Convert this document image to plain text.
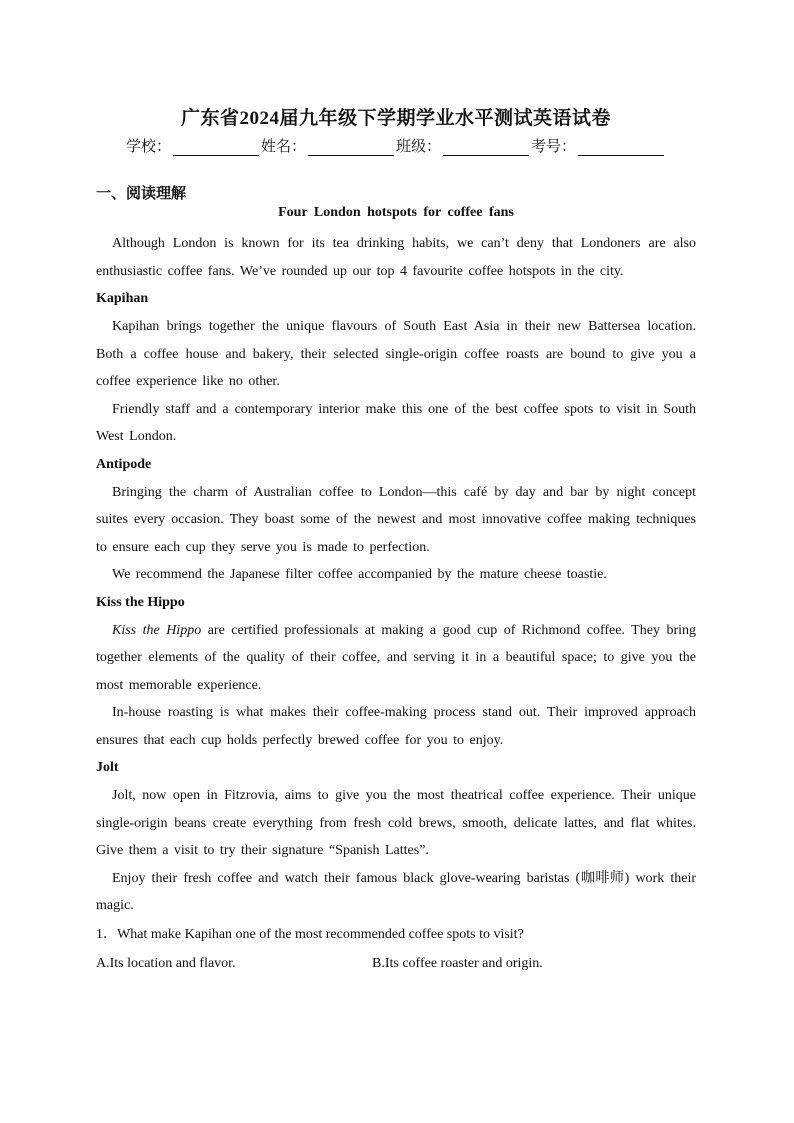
广东省2024届九年级下学期学业水平测试英语试卷
学校：	姓名：	班级：	考号：
一、阅读理解
Four London hotspots for coffee fans

Although London is known for its tea drinking habits, we can’t deny that Londoners are also enthusiastic coffee fans. We’ve rounded up our top 4 favourite coffee hotspots in the city.

Kapihan

Kapihan brings together the unique flavours of South East Asia in their new Battersea location. Both a coffee house and bakery, their selected single-origin coffee roasts are bound to give you a coffee experience like no other.

Friendly staff and a contemporary interior make this one of the best coffee spots to visit in South West London.

Antipode

Bringing the charm of Australian coffee to London—this café by day and bar by night concept suites every occasion. They boast some of the newest and most innovative coffee making techniques to ensure each cup they serve you is made to perfection.

We recommend the Japanese filter coffee accompanied by the mature cheese toastie.

Kiss the Hippo

Kiss the Hippo are certified professionals at making a good cup of Richmond coffee. They bring together elements of the quality of their coffee, and serving it in a beautiful space; to give you the most memorable experience.

In-house roasting is what makes their coffee-making process stand out. Their improved approach ensures that each cup holds perfectly brewed coffee for you to enjoy.

Jolt

Jolt, now open in Fitzrovia, aims to give you the most theatrical coffee experience. Their unique single-origin beans create everything from fresh cold brews, smooth, delicate lattes, and flat whites. Give them a visit to try their signature “Spanish Lattes”.

Enjoy their fresh coffee and watch their famous black glove-wearing baristas (咖啡师) work their magic.

1．What make Kapihan one of the most recommended coffee spots to visit?

A.Its location and flavor.	B.Its coffee roaster and origin.
